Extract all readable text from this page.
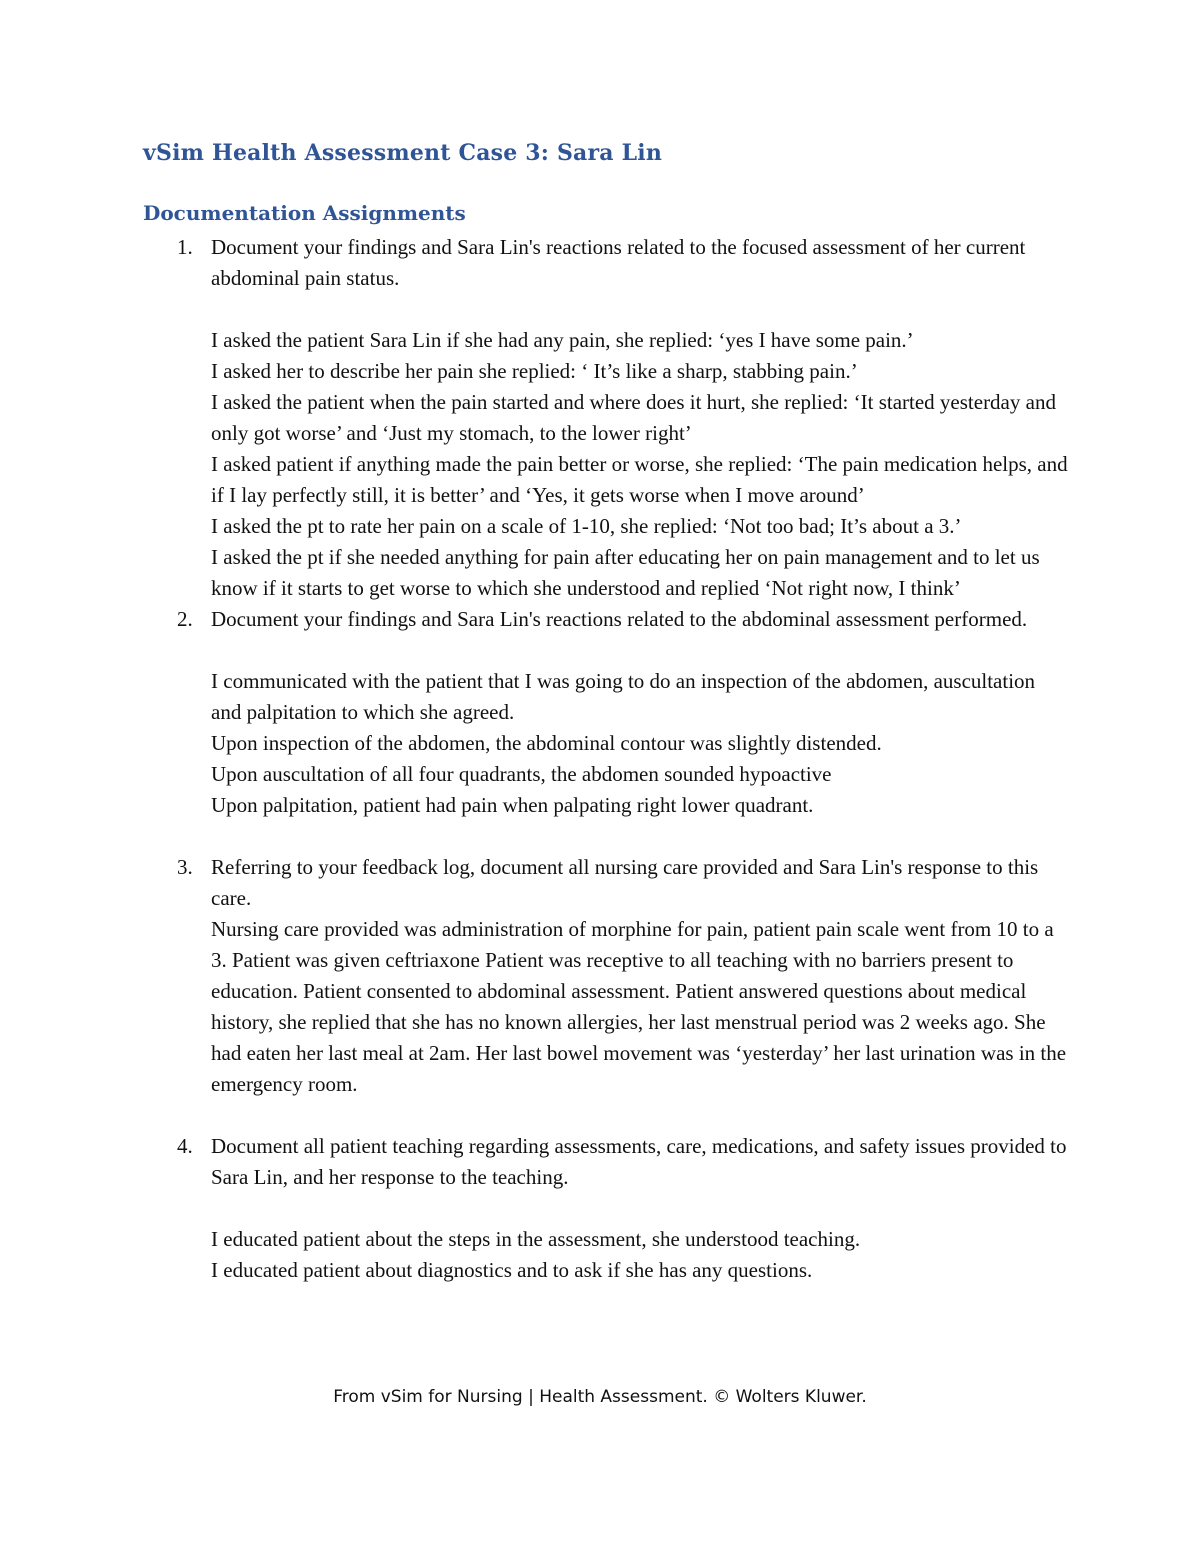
vSim Health Assessment Case 3: Sara Lin
Documentation Assignments
1. Document your findings and Sara Lin's reactions related to the focused assessment of her current abdominal pain status.
I asked the patient Sara Lin if she had any pain, she replied: ‘yes I have some pain.’
I asked her to describe her pain she replied: ‘ It’s like a sharp, stabbing pain.’
I asked the patient when the pain started and where does it hurt, she replied: ‘It started yesterday and only got worse’ and ‘Just my stomach, to the lower right’
I asked patient if anything made the pain better or worse, she replied: ‘The pain medication helps, and if I lay perfectly still, it is better’ and ‘Yes, it gets worse when I move around’
I asked the pt to rate her pain on a scale of 1-10, she replied: ‘Not too bad; It’s about a 3.’
I asked the pt if she needed anything for pain after educating her on pain management and to let us know if it starts to get worse to which she understood and replied ‘Not right now, I think’
2. Document your findings and Sara Lin's reactions related to the abdominal assessment performed.
I communicated with the patient that I was going to do an inspection of the abdomen, auscultation and palpitation to which she agreed.
Upon inspection of the abdomen, the abdominal contour was slightly distended.
Upon auscultation of all four quadrants, the abdomen sounded hypoactive
Upon palpitation, patient had pain when palpating right lower quadrant.
3. Referring to your feedback log, document all nursing care provided and Sara Lin's response to this care.
Nursing care provided was administration of morphine for pain, patient pain scale went from 10 to a 3. Patient was given ceftriaxone Patient was receptive to all teaching with no barriers present to education. Patient consented to abdominal assessment. Patient answered questions about medical history, she replied that she has no known allergies, her last menstrual period was 2 weeks ago. She had eaten her last meal at 2am. Her last bowel movement was ‘yesterday’ her last urination was in the emergency room.
4. Document all patient teaching regarding assessments, care, medications, and safety issues provided to Sara Lin, and her response to the teaching.
I educated patient about the steps in the assessment, she understood teaching.
I educated patient about diagnostics and to ask if she has any questions.
From vSim for Nursing | Health Assessment. © Wolters Kluwer.
